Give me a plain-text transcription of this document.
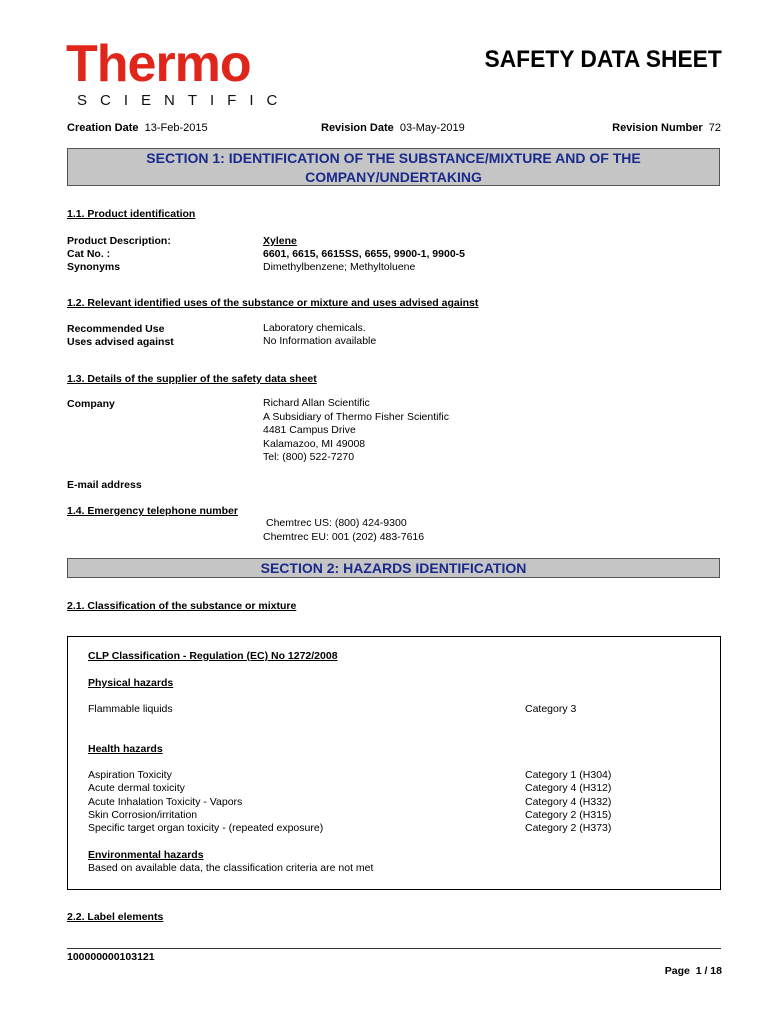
Thermo
SCIENTIFIC
SAFETY DATA SHEET
Creation Date 13-Feb-2015	Revision Date 03-May-2019	Revision Number 72
SECTION 1: IDENTIFICATION OF THE SUBSTANCE/MIXTURE AND OF THE
COMPANY/UNDERTAKING
1.1. Product identification
Product Description:	Xylene
Cat No. :	6601, 6615, 6615SS, 6655, 9900-1, 9900-5
Synonyms	Dimethylbenzene; Methyltoluene
1.2. Relevant identified uses of the substance or mixture and uses advised against
Recommended Use	Laboratory chemicals.
Uses advised against	No Information available
1.3. Details of the supplier of the safety data sheet
Company	Richard Allan Scientific
A Subsidiary of Thermo Fisher Scientific
4481 Campus Drive
Kalamazoo, MI 49008
Tel: (800) 522-7270
E-mail address
1.4. Emergency telephone number
Chemtrec US: (800) 424-9300
Chemtrec EU: 001 (202) 483-7616
SECTION 2: HAZARDS IDENTIFICATION
2.1. Classification of the substance or mixture
CLP Classification - Regulation (EC) No 1272/2008
Physical hazards
Flammable liquids	Category 3
Health hazards
Aspiration Toxicity	Category 1 (H304)
Acute dermal toxicity	Category 4 (H312)
Acute Inhalation Toxicity - Vapors	Category 4 (H332)
Skin Corrosion/irritation	Category 2 (H315)
Specific target organ toxicity - (repeated exposure)	Category 2 (H373)
Environmental hazards
Based on available data, the classification criteria are not met
2.2. Label elements
100000000103121
Page 1 / 18
